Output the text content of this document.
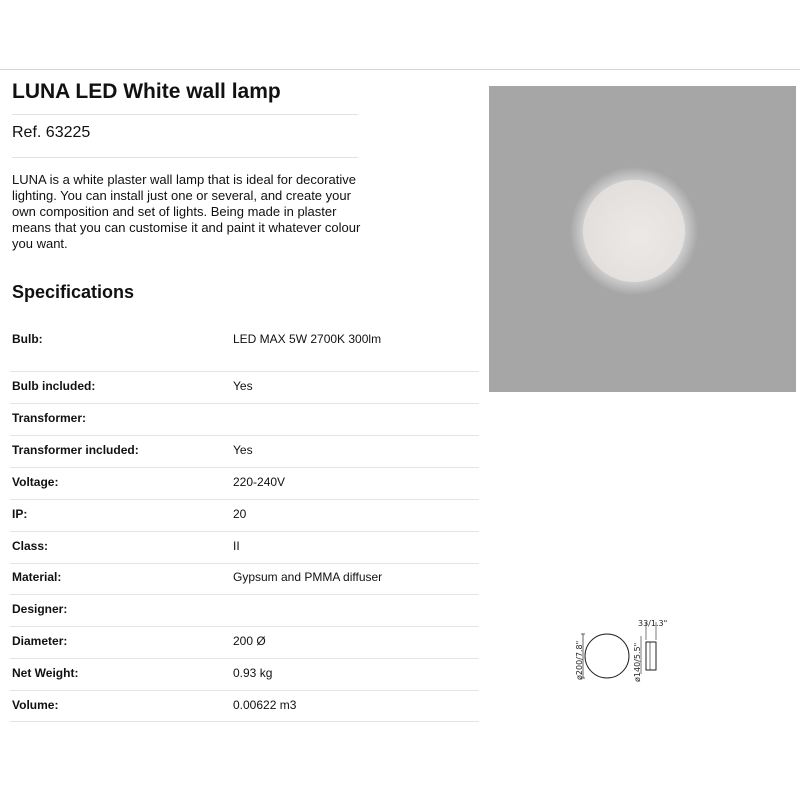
LUNA LED White wall lamp
Ref. 63225

LUNA is a white plaster wall lamp that is ideal for decorative lighting. You can install just one or several, and create your own composition and set of lights. Being made in plaster means that you can customise it and paint it whatever colour you want.

Specifications
Bulb:	LED MAX 5W 2700K 300lm
Bulb included:	Yes
Transformer:
Transformer included:	Yes
Voltage:	220-240V
IP:	20
Class:	II
Material:	Gypsum and PMMA diffuser
Designer:
Diameter:	200 Ø
Net Weight:	0.93 kg
Volume:	0.00622 m3
ø200/7.8"
33/1.3"
ø140/5.5"
